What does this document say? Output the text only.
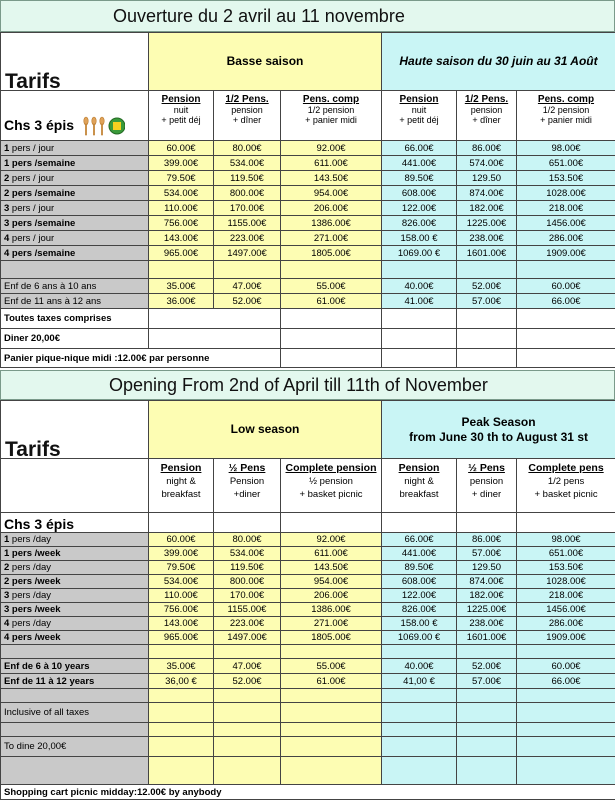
Ouverture du 2 avril au 11 novembre
Tarifs	Basse saison			Haute saison du 30 juin au 31 Août		
Chs 3 épis	Pension
nuit
+ petit déj	1/2 Pens.
pension
+ dîner	Pens. comp
1/2 pension
+ panier midi	Pension
nuit
+ petit déj	1/2 Pens.
pension
+ dîner	Pens. comp
1/2 pension
+ panier midi
1 pers / jour	60.00€	80.00€	92.00€	66.00€	86.00€	98.00€
1 pers /semaine	399.00€	534.00€	611.00€	441.00€	574.00€	651.00€
2 pers / jour	79.50€	119.50€	143.50€	89.50€	129.50	153.50€
2 pers /semaine	534.00€	800.00€	954.00€	608.00€	874.00€	1028.00€
3 pers / jour	110.00€	170.00€	206.00€	122.00€	182.00€	218.00€
3 pers /semaine	756.00€	1155.00€	1386.00€	826.00€	1225.00€	1456.00€
4 pers / jour	143.00€	223.00€	271.00€	158.00 €	238.00€	286.00€
4 pers /semaine	965.00€	1497.00€	1805.00€	1069.00 €	1601.00€	1909.00€

Enf de 6 ans à 10 ans	35.00€	47.00€	55.00€	40.00€	52.00€	60.00€
Enf de 11 ans à 12 ans	36.00€	52.00€	61.00€	41.00€	57.00€	66.00€
Toutes taxes comprises						
Diner 20,00€						
Panier pique-nique midi :12.00€ par personne						
Opening From 2nd of April till 11th of November
Tarifs	Low season			Peak Season
from June 30 th to August 31 st		
	Pension
night &
breakfast	½ Pens
Pension
+diner	Complete pension
½ pension
+ basket picnic	Pension
night &
breakfast	½ Pens
pension
+ diner	Complete pens
1/2 pens
+ basket picnic
Chs 3 épis						
1 pers /day	60.00€	80.00€	92.00€	66.00€	86.00€	98.00€
1 pers /week	399.00€	534.00€	611.00€	441.00€	57.00€	651.00€
2 pers /day	79.50€	119.50€	143.50€	89.50€	129.50	153.50€
2 pers /week	534.00€	800.00€	954.00€	608.00€	874.00€	1028.00€
3 pers /day	110.00€	170.00€	206.00€	122.00€	182.00€	218.00€
3 pers /week	756.00€	1155.00€	1386.00€	826.00€	1225.00€	1456.00€
4 pers /day	143.00€	223.00€	271.00€	158.00 €	238.00€	286.00€
4 pers /week	965.00€	1497.00€	1805.00€	1069.00 €	1601.00€	1909.00€

Enf de 6 à 10 years	35.00€	47.00€	55.00€	40.00€	52.00€	60.00€
Enf de 11 à 12 years	36,00 €	52.00€	61.00€	41,00 €	57.00€	66.00€

Inclusive of all taxes						

To dine 20,00€						

Shopping cart picnic midday:12.00€ by anybody						
